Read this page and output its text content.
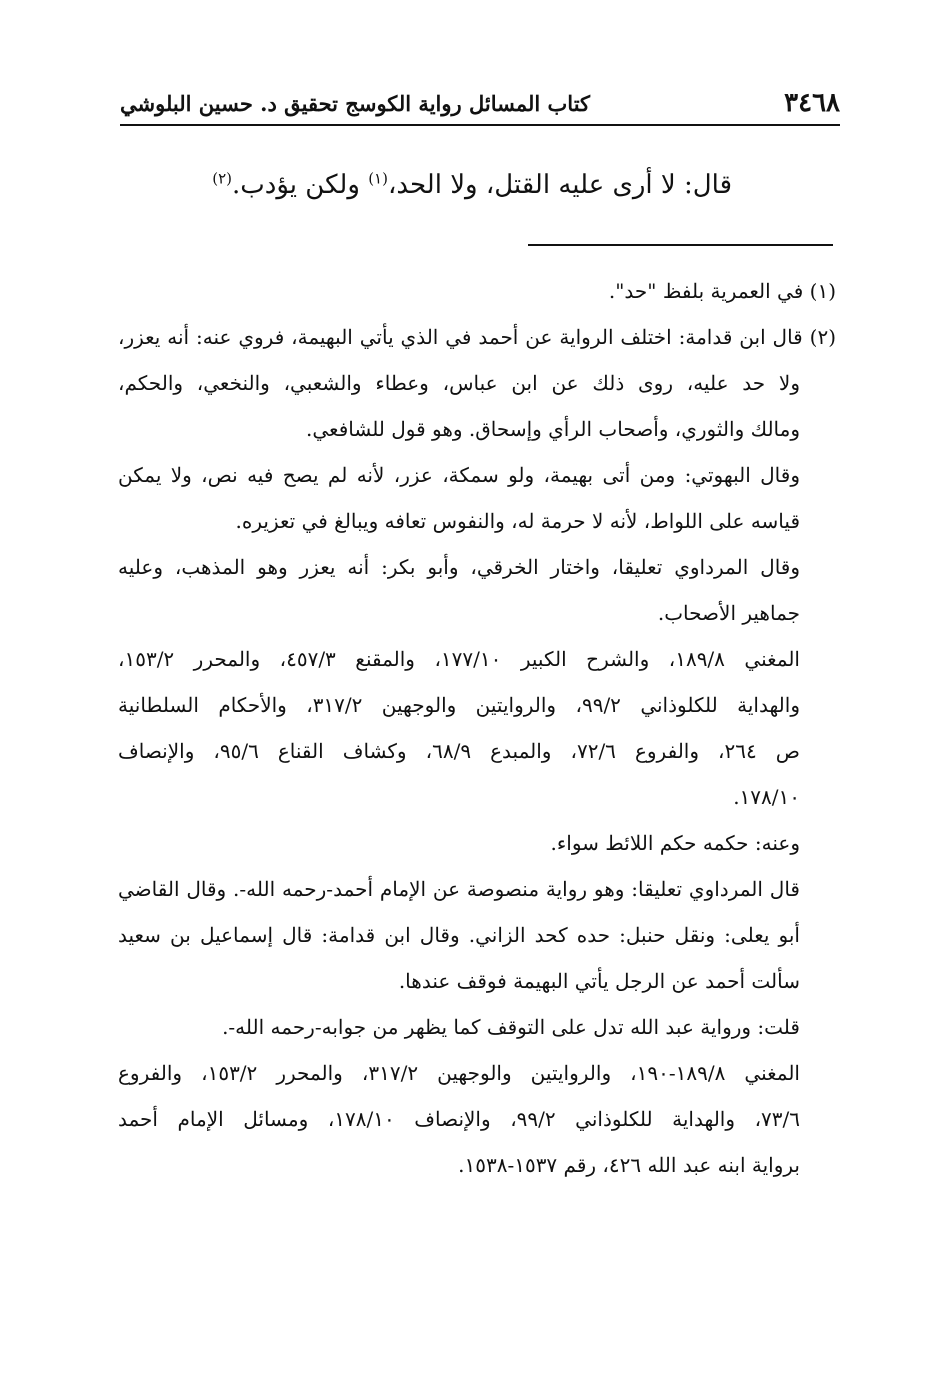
٣٤٦٨
كتاب المسائل رواية الكوسج تحقيق د. حسين البلوشي
قال: لا أرى عليه القتل، ولا الحد،$^{(١)}$ ولكن يؤدب.$^{(٢)}$
(١) في العمرية بلفظ "حد".
(٢) قال ابن قدامة: اختلف الرواية عن أحمد في الذي يأتي البهيمة، فروي عنه: أنه يعزر،
ولا حد عليه، روى ذلك عن ابن عباس، وعطاء والشعبي، والنخعي، والحكم،
ومالك والثوري، وأصحاب الرأي وإسحاق. وهو قول للشافعي.
وقال البهوتي: ومن أتى بهيمة، ولو سمكة، عزر، لأنه لم يصح فيه نص، ولا يمكن
قياسه على اللواط، لأنه لا حرمة له، والنفوس تعافه ويبالغ في تعزيره.
وقال المرداوي تعليقا، واختار الخرقي، وأبو بكر: أنه يعزر وهو المذهب، وعليه
جماهير الأصحاب.
المغني ١٨٩/٨، والشرح الكبير ١٧٧/١٠، والمقنع ٤٥٧/٣، والمحرر ١٥٣/٢،
والهداية للكلوذاني ٩٩/٢، والروايتين والوجهين ٣١٧/٢، والأحكام السلطانية
ص ٢٦٤، والفروع ٧٢/٦، والمبدع ٦٨/٩، وكشاف القناع ٩٥/٦، والإنصاف
١٧٨/١٠.
وعنه: حكمه حكم اللائط سواء.
قال المرداوي تعليقا: وهو رواية منصوصة عن الإمام أحمد-رحمه الله-. وقال القاضي
أبو يعلى: ونقل حنبل: حده كحد الزاني. وقال ابن قدامة: قال إسماعيل بن سعيد
سألت أحمد عن الرجل يأتي البهيمة فوقف عندها.
قلت: ورواية عبد الله تدل على التوقف كما يظهر من جوابه-رحمه الله-.
المغني ١٨٩/٨-١٩٠، والروايتين والوجهين ٣١٧/٢، والمحرر ١٥٣/٢، والفروع
٧٣/٦، والهداية للكلوذاني ٩٩/٢، والإنصاف ١٧٨/١٠، ومسائل الإمام أحمد
برواية ابنه عبد الله ٤٢٦، رقم ١٥٣٧-١٥٣٨.
